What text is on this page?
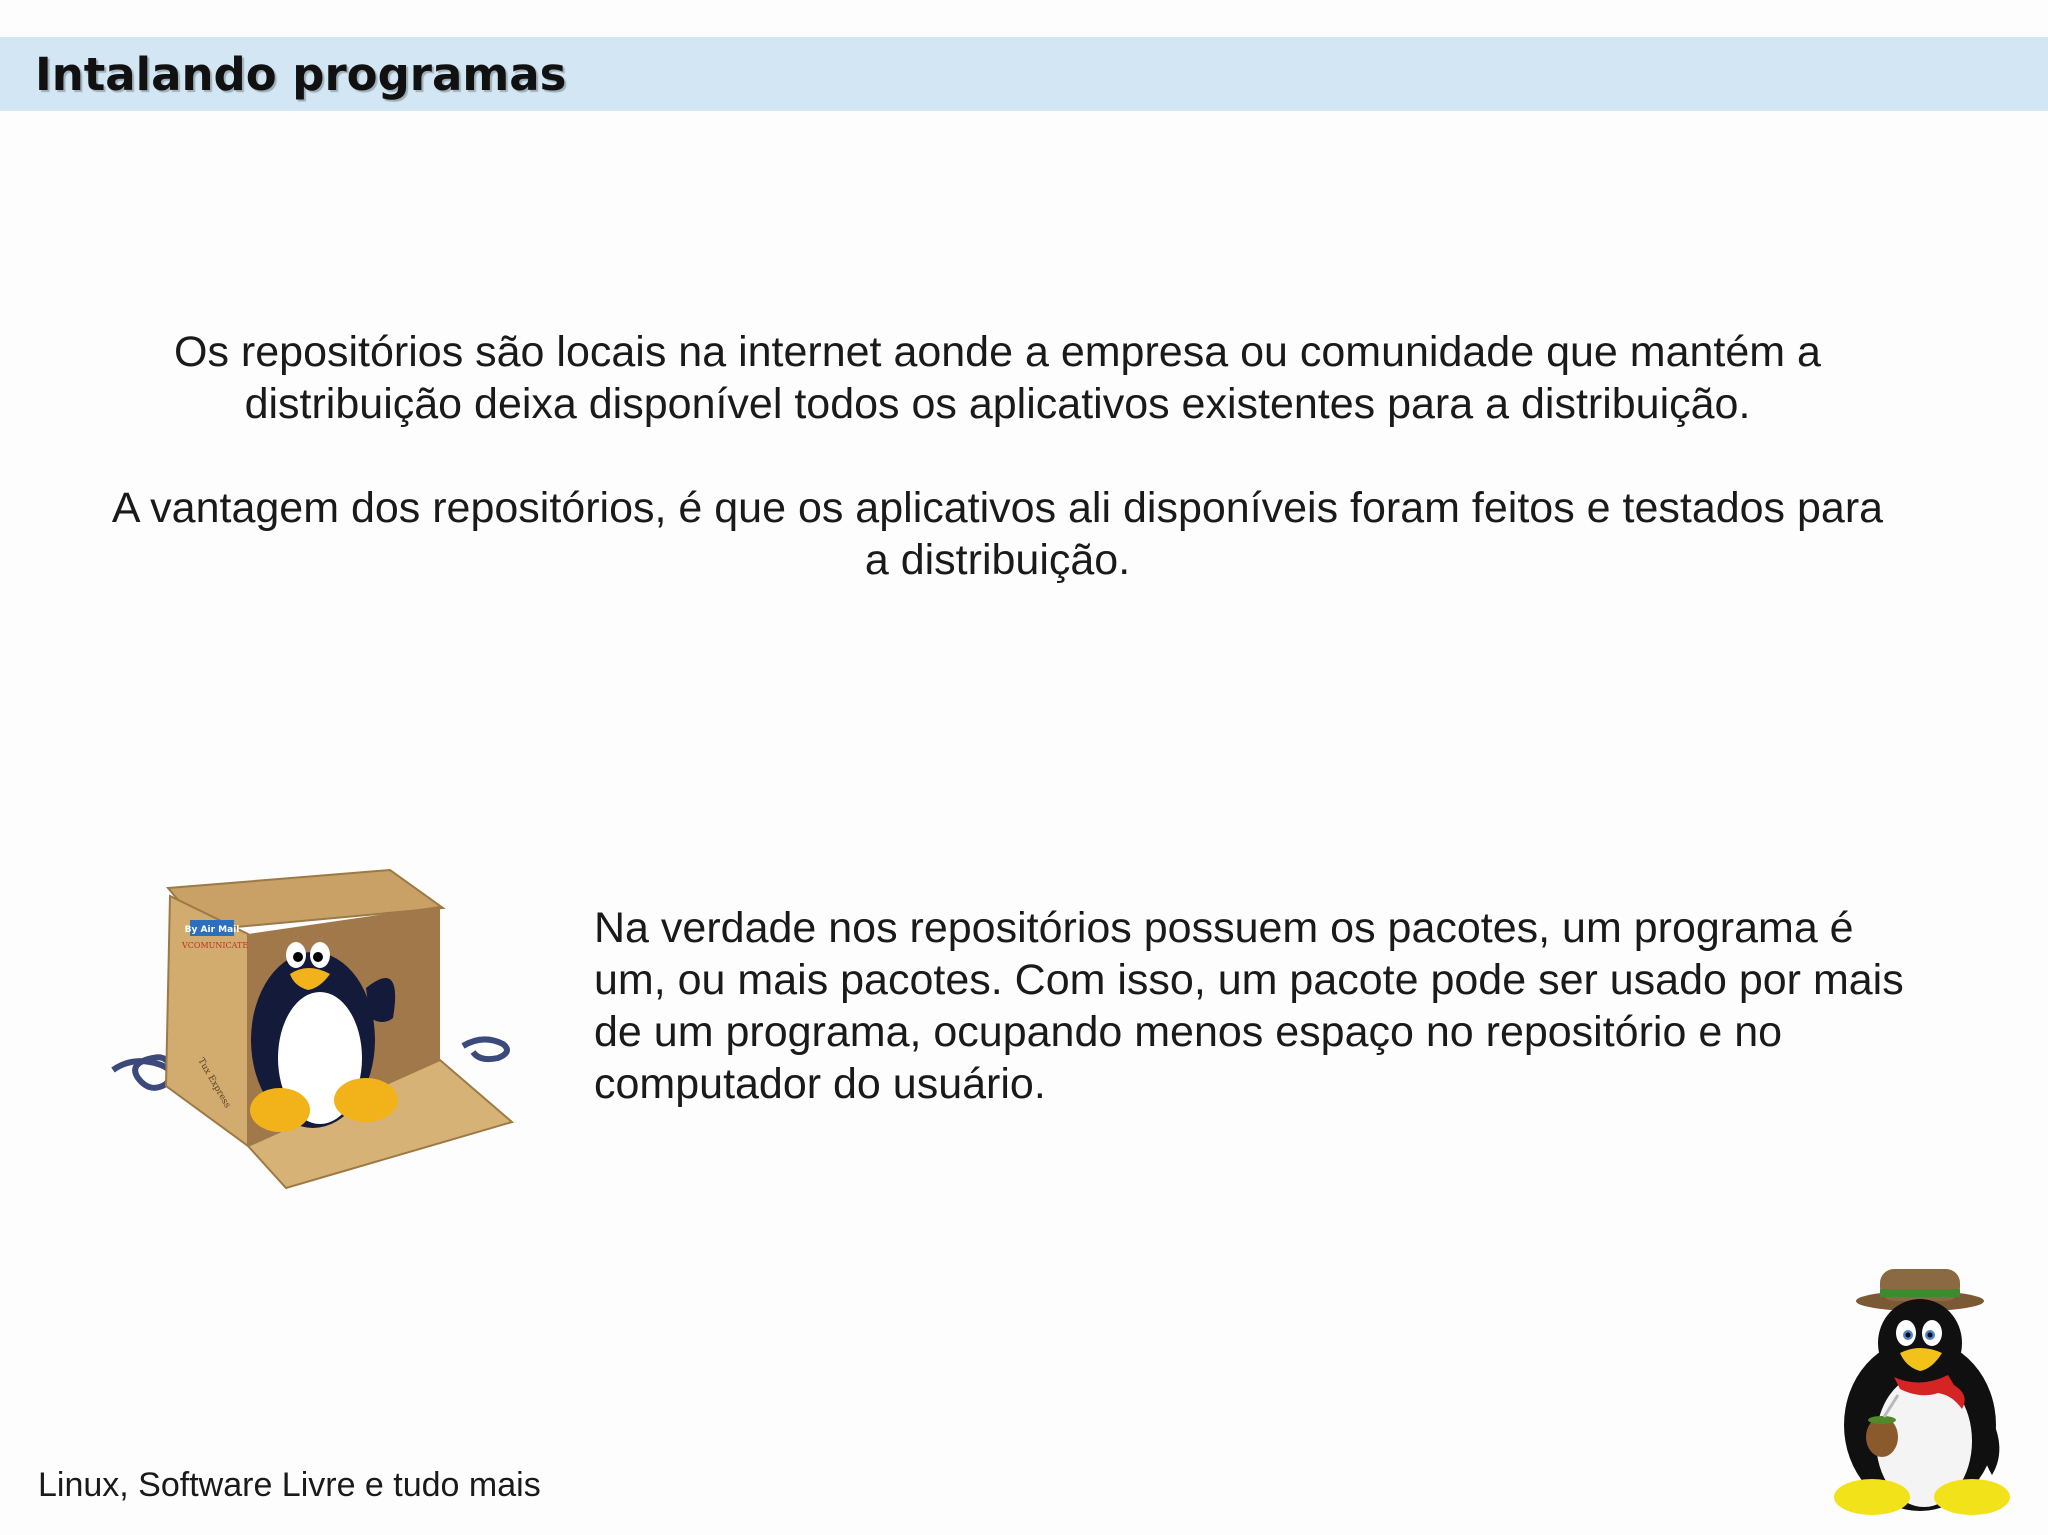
Intalando programas
Os repositórios são locais na internet aonde a empresa ou comunidade que mantém a distribuição deixa disponível todos os aplicativos existentes para a distribuição.
A vantagem dos repositórios, é que os aplicativos ali disponíveis foram feitos e testados para a distribuição.
By Air Mail
VCOMUNICATE
Tux Express
Na verdade nos repositórios possuem os pacotes, um programa é um, ou mais pacotes. Com isso, um pacote pode ser usado por mais de um programa, ocupando menos espaço no repositório e no computador do usuário.
Linux, Software Livre e tudo mais
